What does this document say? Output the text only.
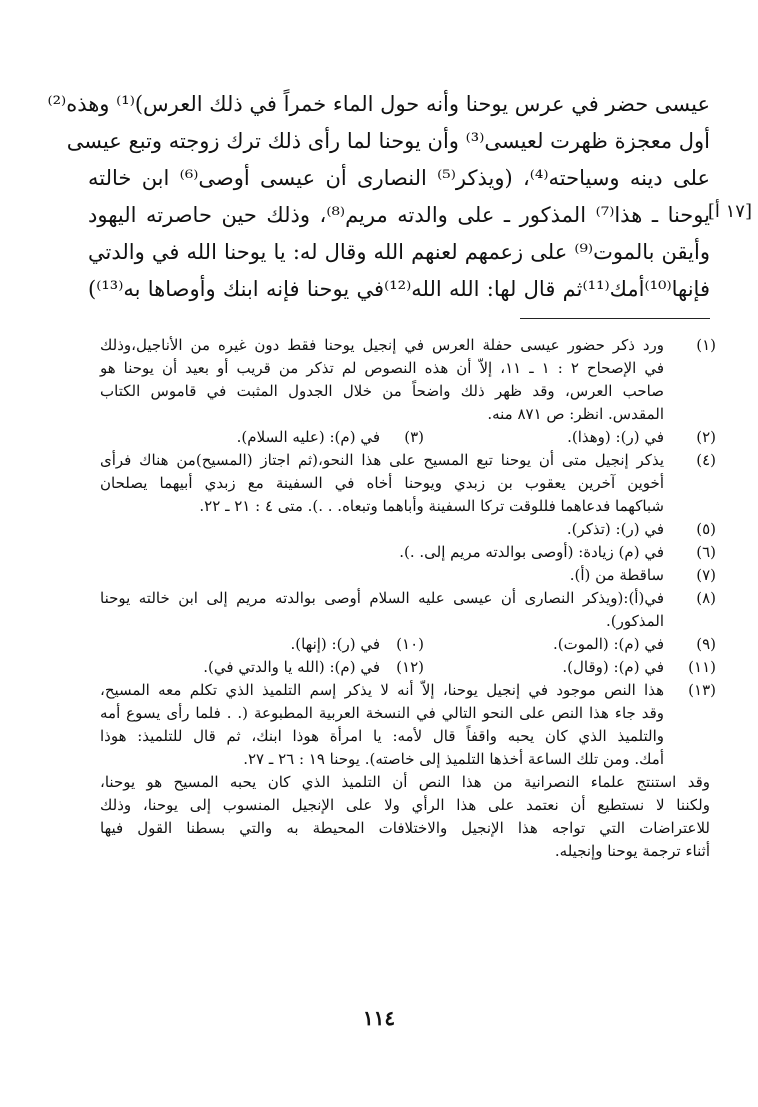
[١٧ أ]
عيسى حضر في عرس يوحنا وأنه حول الماء خمراً في ذلك العرس)⁽¹⁾ وهذه⁽²⁾
أول معجزة ظهرت لعيسى⁽³⁾ وأن يوحنا لما رأى ذلك ترك زوجته وتبع عيسى
على دينه وسياحته⁽⁴⁾، (ويذكر⁽⁵⁾ النصارى أن عيسى أوصى⁽⁶⁾ ابن خالته
يوحنا ـ هذا⁽⁷⁾ المذكور ـ على والدته مريم⁽⁸⁾، وذلك حين حاصرته اليهود
وأيقن بالموت⁽⁹⁾ على زعمهم لعنهم الله وقال له: يا يوحنا الله في والدتي
فإنها⁽¹⁰⁾أمك⁽¹¹⁾ثم قال لها: الله الله⁽¹²⁾في يوحنا فإنه ابنك وأوصاها به⁽¹³⁾)
(١)
ورد ذكر حضور عيسى حفلة العرس في إنجيل يوحنا فقط دون غيره من الأناجيل،وذلك
في الإصحاح ٢ : ١ ـ ١١، إلاّ أن هذه النصوص لم تذكر من قريب أو بعيد أن يوحنا هو
صاحب العرس، وقد ظهر ذلك واضحاً من خلال الجدول المثبت في قاموس الكتاب
المقدس. انظر: ص ٨٧١ منه.
(٢)
في (ر): (وهذا).
(٣)
في (م): (عليه السلام).
(٤)
يذكر إنجيل متى أن يوحنا تبع المسيح على هذا النحو،(ثم اجتاز (المسيح)من هناك فرأى
أخوين آخرين يعقوب بن زبدي ويوحنا أخاه في السفينة مع زبدي أبيهما يصلحان
شباكهما فدعاهما فللوقت تركا السفينة وأباهما وتبعاه. . .). متى ٤ : ٢١ ـ ٢٢.
(٥)
في (ر): (تذكر).
(٦)
في (م) زيادة: (أوصى بوالدته مريم إلى. .).
(٧)
ساقطة من (أ).
(٨)
في(أ):(ويذكر النصارى أن عيسى عليه السلام أوصى بوالدته مريم إلى ابن خالته يوحنا
المذكور).
(٩)
في (م): (الموت).
(١٠)
في (ر): (إنها).
(١١)
في (م): (وقال).
(١٢)
في (م): (الله يا والدتي في).
(١٣)
هذا النص موجود في إنجيل يوحنا، إلاّ أنه لا يذكر إسم التلميذ الذي تكلم معه المسيح،
وقد جاء هذا النص على النحو التالي في النسخة العربية المطبوعة (. . فلما رأى يسوع أمه
والتلميذ الذي كان يحبه واقفاً قال لأمه: يا امرأة هوذا ابنك، ثم قال للتلميذ: هوذا
أمك. ومن تلك الساعة أخذها التلميذ إلى خاصته). يوحنا ١٩ : ٢٦ ـ ٢٧.
وقد استنتج علماء النصرانية من هذا النص أن التلميذ الذي كان يحبه المسيح هو يوحنا،
ولكننا لا نستطيع أن نعتمد على هذا الرأي ولا على الإنجيل المنسوب إلى يوحنا، وذلك
للاعتراضات التي تواجه هذا الإنجيل والاختلافات المحيطة به والتي بسطنا القول فيها
أثناء ترجمة يوحنا وإنجيله.
١١٤
